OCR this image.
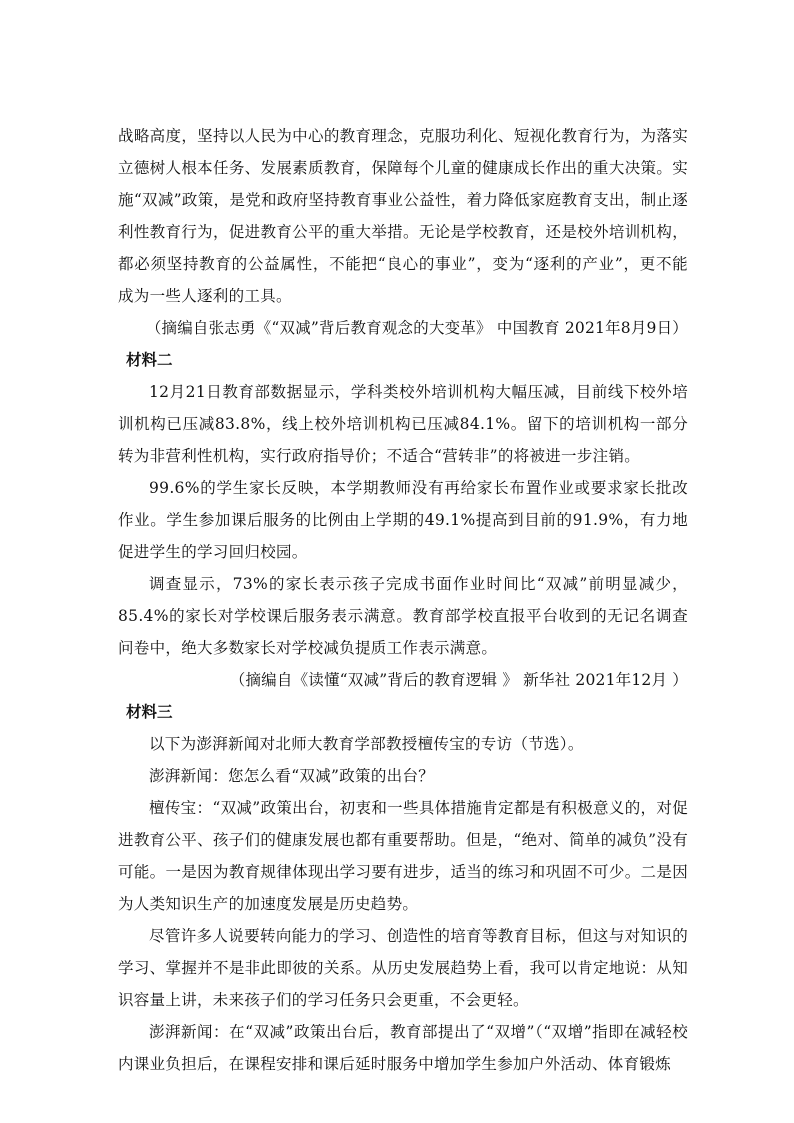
战略高度，坚持以人民为中心的教育理念，克服功利化、短视化教育行为，为落实立德树人根本任务、发展素质教育，保障每个儿童的健康成长作出的重大决策。实施“双减”政策，是党和政府坚持教育事业公益性，着力降低家庭教育支出，制止逐利性教育行为，促进教育公平的重大举措。无论是学校教育，还是校外培训机构，都必须坚持教育的公益属性，不能把“良心的事业”，变为“逐利的产业”，更不能成为一些人逐利的工具。

（摘编自张志勇《“双减”背后教育观念的大变革》 中国教育 2021年8月9日）

材料二

12月21日教育部数据显示，学科类校外培训机构大幅压减，目前线下校外培训机构已压减83.8%，线上校外培训机构已压减84.1%。留下的培训机构一部分转为非营利性机构，实行政府指导价；不适合“营转非”的将被进一步注销。

99.6%的学生家长反映，本学期教师没有再给家长布置作业或要求家长批改作业。学生参加课后服务的比例由上学期的49.1%提高到目前的91.9%，有力地促进学生的学习回归校园。

调查显示，73%的家长表示孩子完成书面作业时间比“双减”前明显减少，85.4%的家长对学校课后服务表示满意。教育部学校直报平台收到的无记名调查问卷中，绝大多数家长对学校减负提质工作表示满意。

（摘编自《读懂“双减”背后的教育逻辑 》 新华社 2021年12月 ）

材料三

以下为澎湃新闻对北师大教育学部教授檀传宝的专访（节选）。

澎湃新闻：您怎么看“双减”政策的出台？

檀传宝：“双减”政策出台，初衷和一些具体措施肯定都是有积极意义的，对促进教育公平、孩子们的健康发展也都有重要帮助。但是，“绝对、简单的减负”没有可能。一是因为教育规律体现出学习要有进步，适当的练习和巩固不可少。二是因为人类知识生产的加速度发展是历史趋势。

尽管许多人说要转向能力的学习、创造性的培育等教育目标，但这与对知识的学习、掌握并不是非此即彼的关系。从历史发展趋势上看，我可以肯定地说：从知识容量上讲，未来孩子们的学习任务只会更重，不会更轻。

澎湃新闻：在“双减”政策出台后，教育部提出了“双增”（“双增”指即在减轻校内课业负担后，在课程安排和课后延时服务中增加学生参加户外活动、体育锻炼
